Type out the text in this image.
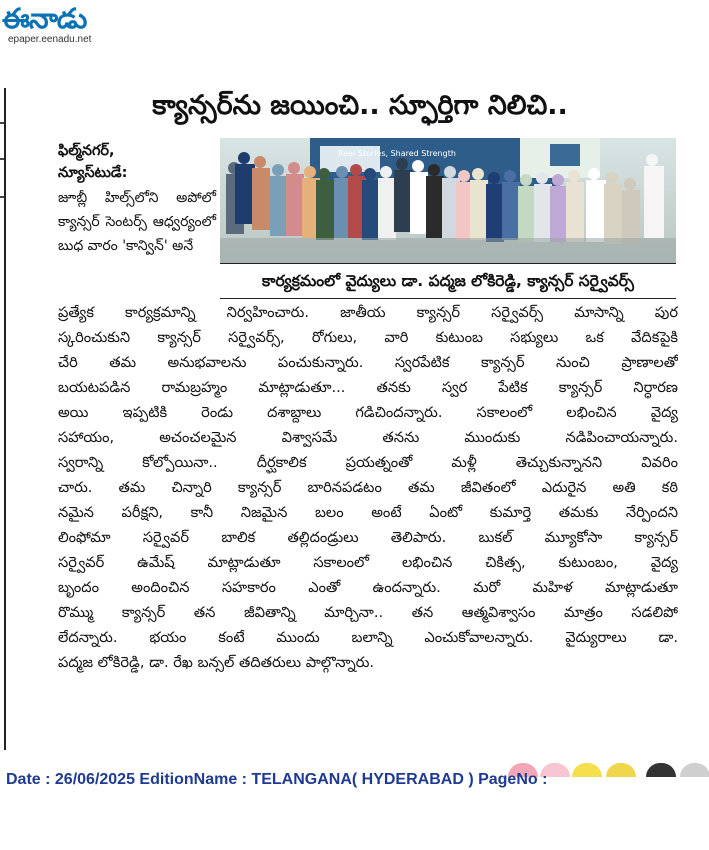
ఈనాడు
epaper.eenadu.net
క్యాన్సర్‌ను జయించి.. స్ఫూర్తిగా నిలిచి..
ఫిల్మ్‌నగర్,
న్యూస్‌టుడే:
జూబ్లీ హిల్స్‌లోని అపోలో క్యాన్సర్ సెంటర్స్ ఆధ్వర్యంలో బుధ వారం 'కాన్విన్' అనే
Real Stories, Shared Strength
కార్యక్రమంలో వైద్యులు డా. పద్మజ లోకిరెడ్డి, క్యాన్సర్ సర్వైవర్స్
ప్రత్యేక కార్యక్రమాన్ని నిర్వహించారు. జాతీయ క్యాన్సర్ సర్వైవర్స్ మాసాన్ని పుర
స్కరించుకుని క్యాన్సర్ సర్వైవర్స్, రోగులు, వారి కుటుంబ సభ్యులు ఒక వేదికపైకి
చేరి తమ అనుభవాలను పంచుకున్నారు. స్వరపేటిక క్యాన్సర్ నుంచి ప్రాణాలతో
బయటపడిన రామబ్రహ్మం మాట్లాడుతూ... తనకు స్వర పేటిక క్యాన్సర్ నిర్ధారణ
అయి ఇప్పటికి రెండు దశాబ్దాలు గడిచిందన్నారు. సకాలంలో లభించిన వైద్య
సహాయం, అచంచలమైన విశ్వాసమే తనను ముందుకు నడిపించాయన్నారు.
స్వరాన్ని కోల్పోయినా.. దీర్ఘకాలిక ప్రయత్నంతో మళ్లీ తెచ్చుకున్నానని వివరిం
చారు. తమ చిన్నారి క్యాన్సర్ బారినపడటం తమ జీవితంలో ఎదురైన అతి కఠి
నమైన పరీక్షని, కానీ నిజమైన బలం అంటే ఏంటో కుమార్తె తమకు నేర్పిందని
లింఫోమా సర్వైవర్ బాలిక తల్లిదండ్రులు తెలిపారు. బుకల్ మ్యూకోసా క్యాన్సర్
సర్వైవర్ ఉమేష్ మాట్లాడుతూ సకాలంలో లభించిన చికిత్స, కుటుంబం, వైద్య
బృందం అందించిన సహకారం ఎంతో ఉందన్నారు. మరో మహిళ మాట్లాడుతూ
రొమ్ము క్యాన్సర్ తన జీవితాన్ని మార్చినా.. తన ఆత్మవిశ్వాసం మాత్రం సడలిపో
లేదన్నారు. భయం కంటే ముందు బలాన్ని ఎంచుకోవాలన్నారు. వైద్యురాలు డా.
పద్మజ లోకిరెడ్డి, డా. రేఖ బన్సల్ తదితరులు పాల్గొన్నారు.
Date : 26/06/2025 EditionName : TELANGANA( HYDERABAD ) PageNo :
